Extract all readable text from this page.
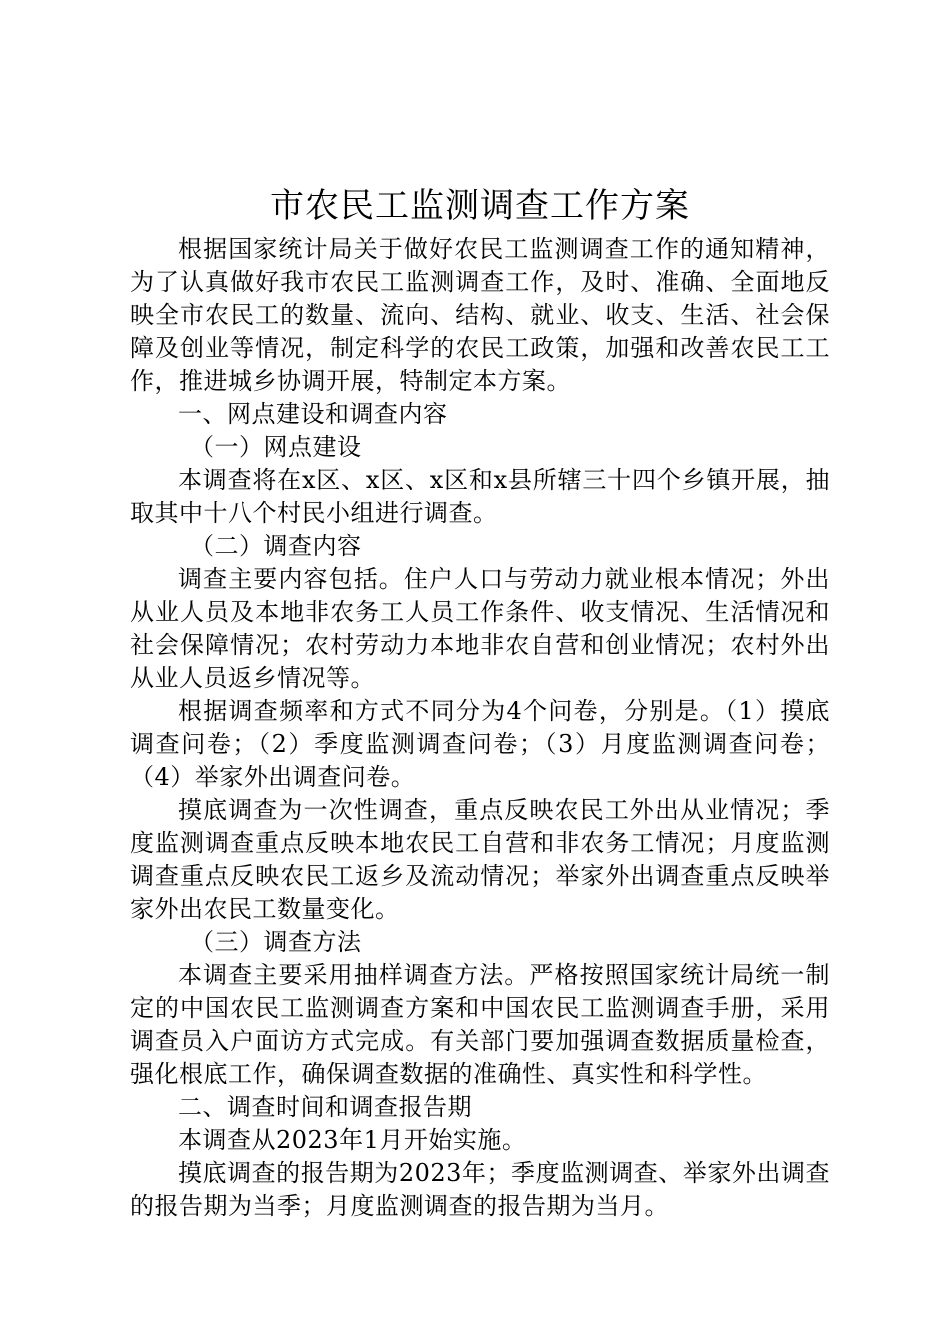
市农民工监测调查工作方案

根据国家统计局关于做好农民工监测调查工作的通知精神，为了认真做好我市农民工监测调查工作，及时、准确、全面地反映全市农民工的数量、流向、结构、就业、收支、生活、社会保障及创业等情况，制定科学的农民工政策，加强和改善农民工工作，推进城乡协调开展，特制定本方案。

一、网点建设和调查内容

（一）网点建设

本调查将在x区、x区、x区和x县所辖三十四个乡镇开展，抽取其中十八个村民小组进行调查。

（二）调查内容

调查主要内容包括。住户人口与劳动力就业根本情况；外出从业人员及本地非农务工人员工作条件、收支情况、生活情况和社会保障情况；农村劳动力本地非农自营和创业情况；农村外出从业人员返乡情况等。

根据调查频率和方式不同分为4个问卷，分别是。（1）摸底调查问卷；（2）季度监测调查问卷；（3）月度监测调查问卷；（4）举家外出调查问卷。

摸底调查为一次性调查，重点反映农民工外出从业情况；季度监测调查重点反映本地农民工自营和非农务工情况；月度监测调查重点反映农民工返乡及流动情况；举家外出调查重点反映举家外出农民工数量变化。

（三）调查方法

本调查主要采用抽样调查方法。严格按照国家统计局统一制定的中国农民工监测调查方案和中国农民工监测调查手册，采用调查员入户面访方式完成。有关部门要加强调查数据质量检查，强化根底工作，确保调查数据的准确性、真实性和科学性。

二、调查时间和调查报告期

本调查从2023年1月开始实施。

摸底调查的报告期为2023年；季度监测调查、举家外出调查的报告期为当季；月度监测调查的报告期为当月。
